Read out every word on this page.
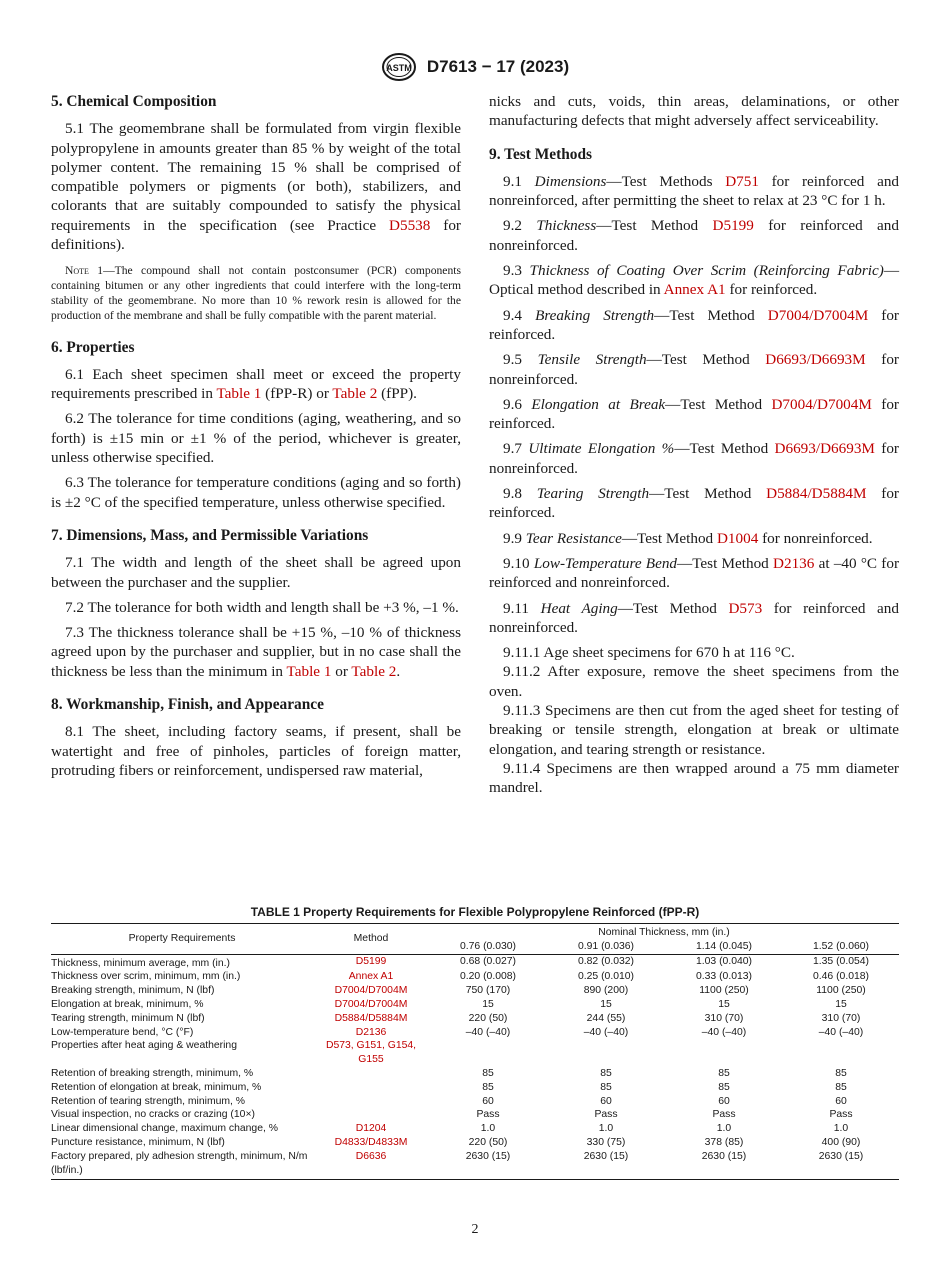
ASTM D7613 − 17 (2023)
5. Chemical Composition

5.1 The geomembrane shall be formulated from virgin flexible polypropylene in amounts greater than 85 % by weight of the total polymer content. The remaining 15 % shall be comprised of compatible polymers or pigments (or both), stabilizers, and colorants that are suitably compounded to satisfy the physical requirements in the specification (see Practice D5538 for definitions).

Note 1—The compound shall not contain postconsumer (PCR) components containing bitumen or any other ingredients that could interfere with the long-term stability of the geomembrane. No more than 10 % rework resin is allowed for the production of the membrane and shall be fully compatible with the parent material.
6. Properties

6.1 Each sheet specimen shall meet or exceed the property requirements prescribed in Table 1 (fPP-R) or Table 2 (fPP).

6.2 The tolerance for time conditions (aging, weathering, and so forth) is ±15 min or ±1 % of the period, whichever is greater, unless otherwise specified.

6.3 The tolerance for temperature conditions (aging and so forth) is ±2 °C of the specified temperature, unless otherwise specified.

7. Dimensions, Mass, and Permissible Variations

7.1 The width and length of the sheet shall be agreed upon between the purchaser and the supplier.

7.2 The tolerance for both width and length shall be +3 %, –1 %.

7.3 The thickness tolerance shall be +15 %, –10 % of thickness agreed upon by the purchaser and supplier, but in no case shall the thickness be less than the minimum in Table 1 or Table 2.

8. Workmanship, Finish, and Appearance

8.1 The sheet, including factory seams, if present, shall be watertight and free of pinholes, particles of foreign matter, protruding fibers or reinforcement, undispersed raw material,

nicks and cuts, voids, thin areas, delaminations, or other manufacturing defects that might adversely affect serviceability.

9. Test Methods

9.1 Dimensions—Test Methods D751 for reinforced and nonreinforced, after permitting the sheet to relax at 23 °C for 1 h.

9.2 Thickness—Test Method D5199 for reinforced and nonreinforced.

9.3 Thickness of Coating Over Scrim (Reinforcing Fabric)—Optical method described in Annex A1 for reinforced.

9.4 Breaking Strength—Test Method D7004/D7004M for reinforced.

9.5 Tensile Strength—Test Method D6693/D6693M for nonreinforced.

9.6 Elongation at Break—Test Method D7004/D7004M for reinforced.

9.7 Ultimate Elongation %—Test Method D6693/D6693M for nonreinforced.

9.8 Tearing Strength—Test Method D5884/D5884M for reinforced.

9.9 Tear Resistance—Test Method D1004 for nonreinforced.

9.10 Low-Temperature Bend—Test Method D2136 at –40 °C for reinforced and nonreinforced.

9.11 Heat Aging—Test Method D573 for reinforced and nonreinforced.

9.11.1 Age sheet specimens for 670 h at 116 °C.

9.11.2 After exposure, remove the sheet specimens from the oven.

9.11.3 Specimens are then cut from the aged sheet for testing of breaking or tensile strength, elongation at break or ultimate elongation, and tearing strength or resistance.

9.11.4 Specimens are then wrapped around a 75 mm diameter mandrel.

TABLE 1 Property Requirements for Flexible Polypropylene Reinforced (fPP-R)
Property Requirements	Method	Nominal Thickness, mm (in.)			
		0.76 (0.030)	0.91 (0.036)	1.14 (0.045)	1.52 (0.060)
Thickness, minimum average, mm (in.)	D5199	0.68 (0.027)	0.82 (0.032)	1.03 (0.040)	1.35 (0.054)
Thickness over scrim, minimum, mm (in.)	Annex A1	0.20 (0.008)	0.25 (0.010)	0.33 (0.013)	0.46 (0.018)
Breaking strength, minimum, N (lbf)	D7004/D7004M	750 (170)	890 (200)	1100 (250)	1100 (250)
Elongation at break, minimum, %	D7004/D7004M	15	15	15	15
Tearing strength, minimum N (lbf)	D5884/D5884M	220 (50)	244 (55)	310 (70)	310 (70)
Low-temperature bend, °C (°F)	D2136	–40 (–40)	–40 (–40)	–40 (–40)	–40 (–40)
Properties after heat aging & weathering	D573, G151, G154, G155				
Retention of breaking strength, minimum, %		85	85	85	85
Retention of elongation at break, minimum, %		85	85	85	85
Retention of tearing strength, minimum, %		60	60	60	60
Visual inspection, no cracks or crazing (10×)		Pass	Pass	Pass	Pass
Linear dimensional change, maximum change, %	D1204	1.0	1.0	1.0	1.0
Puncture resistance, minimum, N (lbf)	D4833/D4833M	220 (50)	330 (75)	378 (85)	400 (90)
Factory prepared, ply adhesion strength, minimum, N/m (lbf/in.)	D6636	2630 (15)	2630 (15)	2630 (15)	2630 (15)
2
